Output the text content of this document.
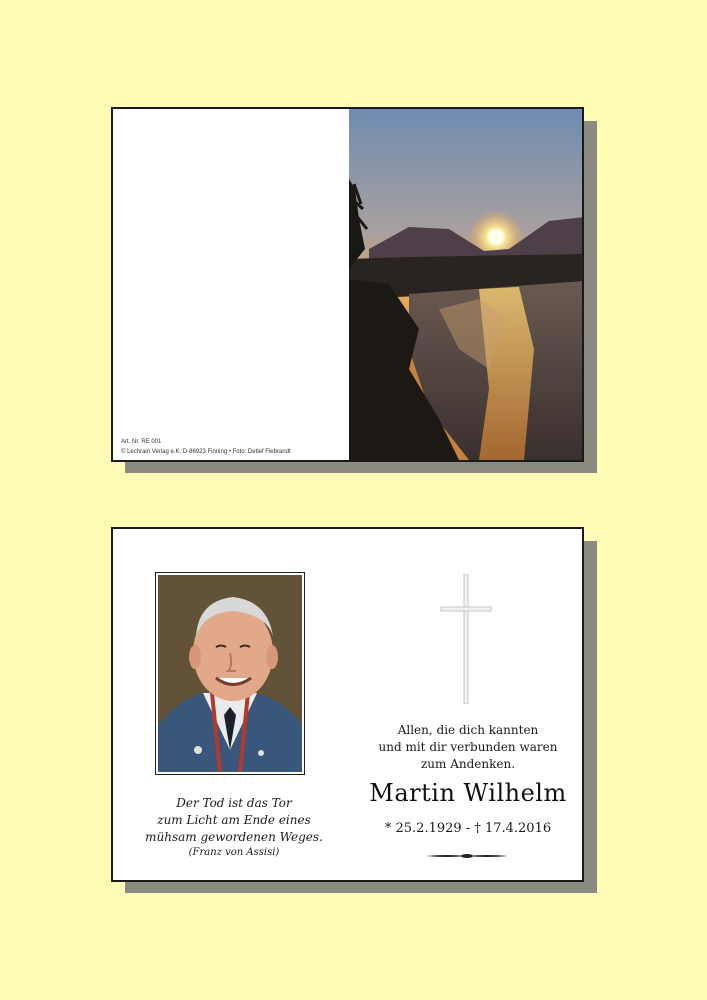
Art. Nr. RE 001
© Lechrain Verlag e.K. D-86923 Finning • Foto: Detlef Fiebrandt
Der Tod ist das Tor
zum Licht am Ende eines
mühsam gewordenen Weges.
(Franz von Assisi)
Allen, die dich kannten
und mit dir verbunden waren
zum Andenken.
Martin Wilhelm
* 25.2.1929 - † 17.4.2016
